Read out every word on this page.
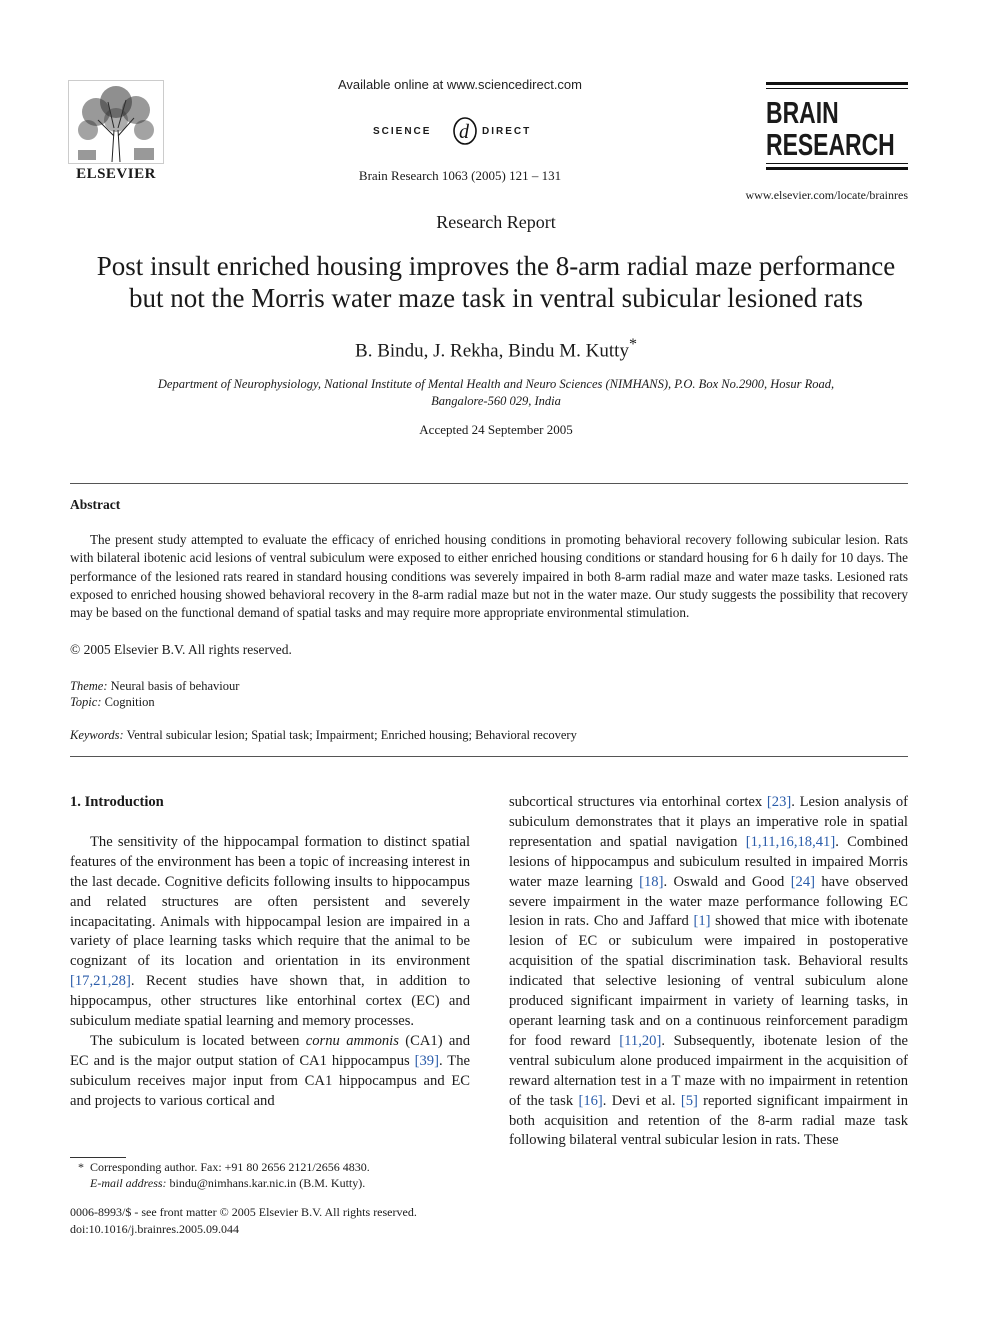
ELSEVIER
Available online at www.sciencedirect.com
SCIENCE d DIRECT
Brain Research 1063 (2005) 121 – 131
BRAIN
RESEARCH
www.elsevier.com/locate/brainres
Research Report
Post insult enriched housing improves the 8-arm radial maze performance
but not the Morris water maze task in ventral subicular lesioned rats
B. Bindu, J. Rekha, Bindu M. Kutty*
Department of Neurophysiology, National Institute of Mental Health and Neuro Sciences (NIMHANS), P.O. Box No.2900, Hosur Road,
Bangalore-560 029, India
Accepted 24 September 2005
Abstract
The present study attempted to evaluate the efficacy of enriched housing conditions in promoting behavioral recovery following subicular lesion. Rats with bilateral ibotenic acid lesions of ventral subiculum were exposed to either enriched housing conditions or standard housing for 6 h daily for 10 days. The performance of the lesioned rats reared in standard housing conditions was severely impaired in both 8-arm radial maze and water maze tasks. Lesioned rats exposed to enriched housing showed behavioral recovery in the 8-arm radial maze but not in the water maze. Our study suggests the possibility that recovery may be based on the functional demand of spatial tasks and may require more appropriate environmental stimulation.
© 2005 Elsevier B.V. All rights reserved.
Theme: Neural basis of behaviour
Topic: Cognition
Keywords: Ventral subicular lesion; Spatial task; Impairment; Enriched housing; Behavioral recovery
1. Introduction

The sensitivity of the hippocampal formation to distinct spatial features of the environment has been a topic of increasing interest in the last decade. Cognitive deficits following insults to hippocampus and related structures are often persistent and severely incapacitating. Animals with hippocampal lesion are impaired in a variety of place learning tasks which require that the animal to be cognizant of its location and orientation in its environment [17,21,28]. Recent studies have shown that, in addition to hippocampus, other structures like entorhinal cortex (EC) and subiculum mediate spatial learning and memory processes.

The subiculum is located between cornu ammonis (CA1) and EC and is the major output station of CA1 hippocampus [39]. The subiculum receives major input from CA1 hippocampus and EC and projects to various cortical and

* Corresponding author. Fax: +91 80 2656 2121/2656 4830.
E-mail address: bindu@nimhans.kar.nic.in (B.M. Kutty).
0006-8993/$ - see front matter © 2005 Elsevier B.V. All rights reserved.
doi:10.1016/j.brainres.2005.09.044

subcortical structures via entorhinal cortex [23]. Lesion analysis of subiculum demonstrates that it plays an imperative role in spatial representation and spatial navigation [1,11,16,18,41]. Combined lesions of hippocampus and subiculum resulted in impaired Morris water maze learning [18]. Oswald and Good [24] have observed severe impairment in the water maze performance following EC lesion in rats. Cho and Jaffard [1] showed that mice with ibotenate lesion of EC or subiculum were impaired in postoperative acquisition of the spatial discrimination task. Behavioral results indicated that selective lesioning of ventral subiculum alone produced significant impairment in variety of learning tasks, in operant learning task and on a continuous reinforcement paradigm for food reward [11,20]. Subsequently, ibotenate lesion of the ventral subiculum alone produced impairment in the acquisition of reward alternation test in a T maze with no impairment in retention of the task [16]. Devi et al. [5] reported significant impairment in both acquisition and retention of the 8-arm radial maze task following bilateral ventral subicular lesion in rats. These
